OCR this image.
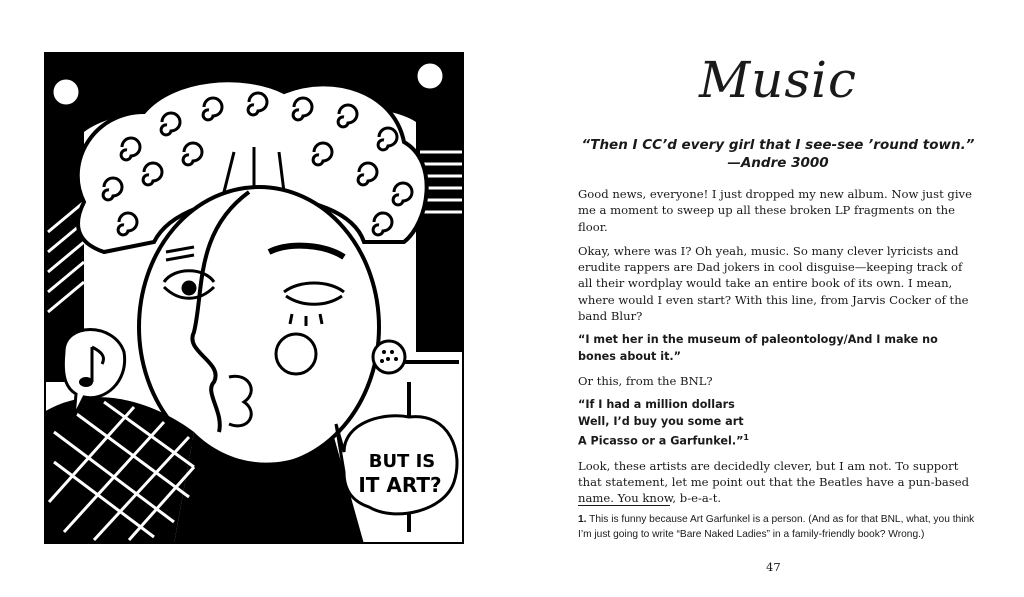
BUT IS
IT ART?
Music
“Then I CC’d every girl that I see-see ’round town.”
—Andre 3000

Good news, everyone! I just dropped my new album. Now just give me a moment to sweep up all these broken LP fragments on the floor.

Okay, where was I? Oh yeah, music. So many clever lyricists and erudite rappers are Dad jokers in cool disguise—keeping track of all their wordplay would take an entire book of its own. I mean, where would I even start? With this line, from Jarvis Cocker of the band Blur?

“I met her in the museum of paleontology/And I make no bones about it.”

Or this, from the BNL?

“If I had a million dollars
Well, I’d buy you some art
A Picasso or a Garfunkel.”$^1$

Look, these artists are decidedly clever, but I am not. To support that statement, let me point out that the Beatles have a pun-based name. You know, b-e-a-t.

1. This is funny because Art Garfunkel is a person. (And as for that BNL, what, you think I’m just going to write “Bare Naked Ladies” in a family-friendly book? Wrong.)

47
